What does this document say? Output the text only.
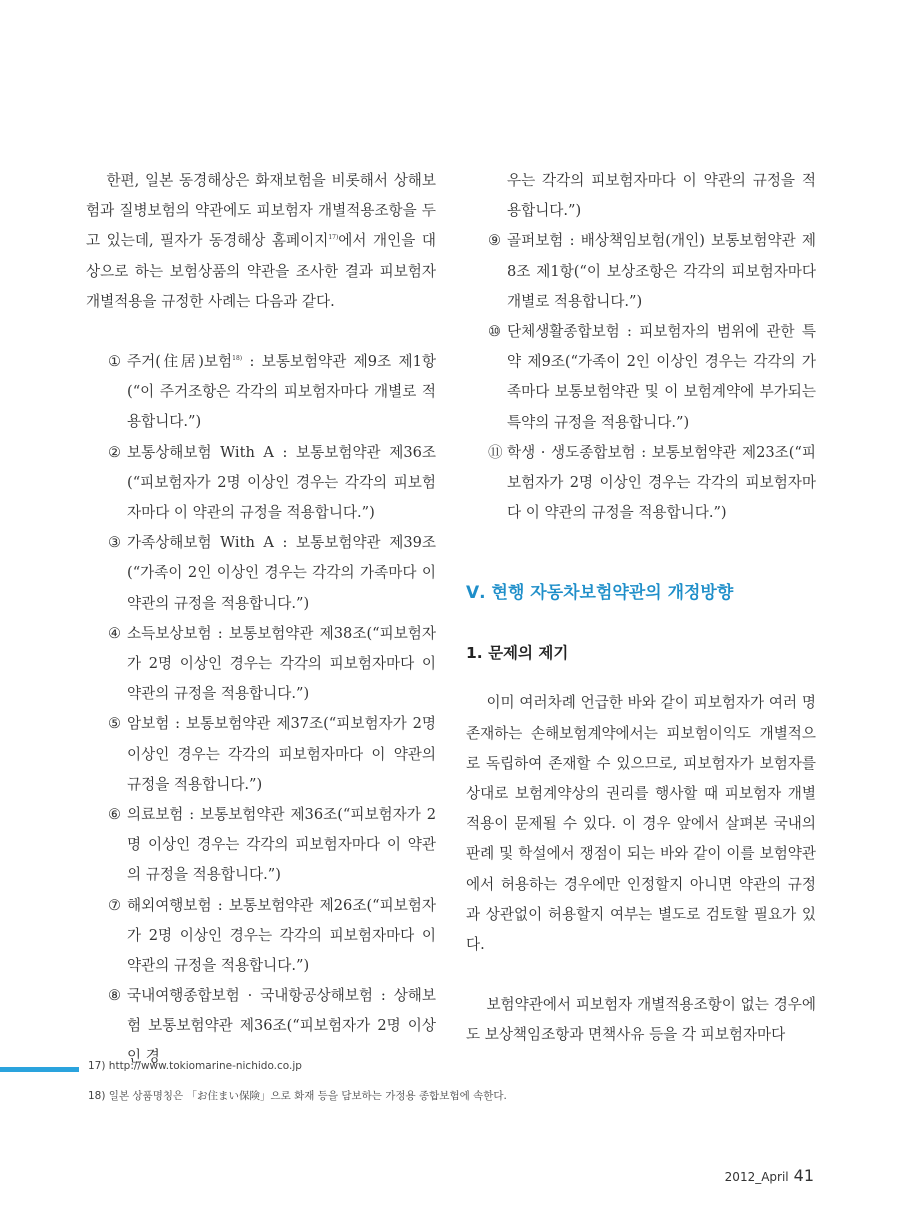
한편, 일본 동경해상은 화재보험을 비롯해서 상해보험과 질병보험의 약관에도 피보험자 개별적용조항을 두고 있는데, 필자가 동경해상 홈페이지$^{17)}$에서 개인을 대상으로 하는 보험상품의 약관을 조사한 결과 피보험자 개별적용을 규정한 사례는 다음과 같다.

① 주거(住居)보험$^{18)}$ : 보통보험약관 제9조 제1항(“이 주거조항은 각각의 피보험자마다 개별로 적용합니다.”)
② 보통상해보험 With A : 보통보험약관 제36조(“피보험자가 2명 이상인 경우는 각각의 피보험자마다 이 약관의 규정을 적용합니다.”)
③ 가족상해보험 With A : 보통보험약관 제39조(“가족이 2인 이상인 경우는 각각의 가족마다 이 약관의 규정을 적용합니다.”)
④ 소득보상보험 : 보통보험약관 제38조(“피보험자가 2명 이상인 경우는 각각의 피보험자마다 이 약관의 규정을 적용합니다.”)
⑤ 암보험 : 보통보험약관 제37조(“피보험자가 2명 이상인 경우는 각각의 피보험자마다 이 약관의 규정을 적용합니다.”)
⑥ 의료보험 : 보통보험약관 제36조(“피보험자가 2명 이상인 경우는 각각의 피보험자마다 이 약관의 규정을 적용합니다.”)
⑦ 해외여행보험 : 보통보험약관 제26조(“피보험자가 2명 이상인 경우는 각각의 피보험자마다 이 약관의 규정을 적용합니다.”)
⑧ 국내여행종합보험 · 국내항공상해보험 : 상해보험 보통보험약관 제36조(“피보험자가 2명 이상인 경

우는 각각의 피보험자마다 이 약관의 규정을 적용합니다.”)

⑨ 골퍼보험 : 배상책임보험(개인) 보통보험약관 제8조 제1항(“이 보상조항은 각각의 피보험자마다 개별로 적용합니다.”)
⑩ 단체생활종합보험 : 피보험자의 범위에 관한 특약 제9조(“가족이 2인 이상인 경우는 각각의 가족마다 보통보험약관 및 이 보험계약에 부가되는 특약의 규정을 적용합니다.”)
⑪ 학생 · 생도종합보험 : 보통보험약관 제23조(“피보험자가 2명 이상인 경우는 각각의 피보험자마다 이 약관의 규정을 적용합니다.”)
Ⅴ. 현행 자동차보험약관의 개정방향
1. 문제의 제기

이미 여러차례 언급한 바와 같이 피보험자가 여러 명 존재하는 손해보험계약에서는 피보험이익도 개별적으로 독립하여 존재할 수 있으므로, 피보험자가 보험자를 상대로 보험계약상의 권리를 행사할 때 피보험자 개별적용이 문제될 수 있다. 이 경우 앞에서 살펴본 국내의 판례 및 학설에서 쟁점이 되는 바와 같이 이를 보험약관에서 허용하는 경우에만 인정할지 아니면 약관의 규정과 상관없이 허용할지 여부는 별도로 검토할 필요가 있다.

보험약관에서 피보험자 개별적용조항이 없는 경우에도 보상책임조항과 면책사유 등을 각 피보험자마다

17) http://www.tokiomarine-nichido.co.jp
18) 일본 상품명칭은 「お住まい保険」으로 화재 등을 담보하는 가정용 종합보험에 속한다.
2012_April 41
